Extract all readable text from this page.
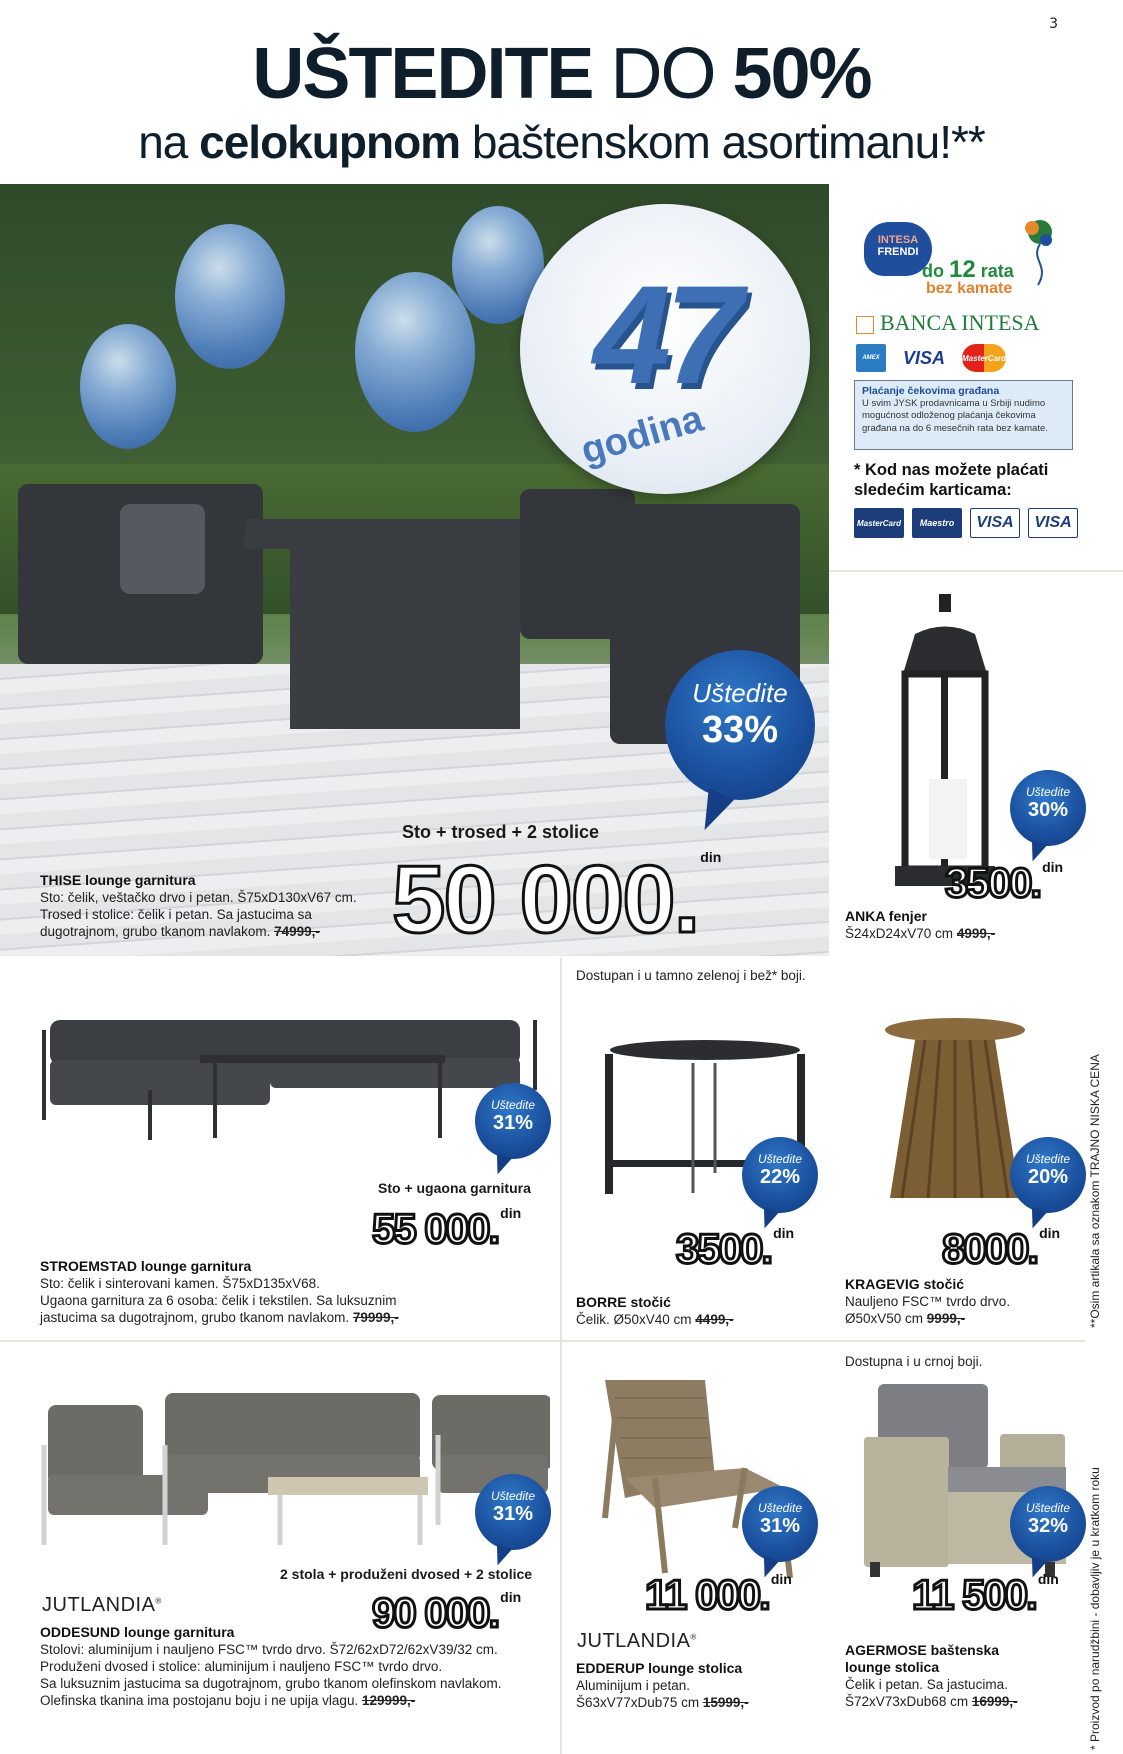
3
UŠTEDITE DO 50%
na celokupnom baštenskom asortimanu!**
47
godina
Uštedite
33%
Sto + trosed + 2 stolice
50 000. $^{din}$
THISE lounge garnitura
Sto: čelik, veštačko drvo i petan. Š75xD130xV67 cm.
Trosed i stolice: čelik i petan. Sa jastucima sa
dugotrajnom, grubo tkanom navlakom. 74999,-
INTESA
FRENDI
do 12 rata
bez kamate
BANCA INTESA
AMEX	VISA	MasterCard
Plaćanje čekovima građana
U svim JYSK prodavnicama u Srbiji nudimo mogućnost odloženog plaćanja čekovima građana na do 6 mesečnih rata bez kamate.
* Kod nas možete plaćati sledećim karticama:
MasterCard	Maestro	VISA	VISA
Uštedite
30%
3500. $^{din}$
ANKA fenjer
Š24xD24xV70 cm 4999,-
Uštedite
31%
Sto + ugaona garnitura
55 000. $^{din}$
STROEMSTAD lounge garnitura
Sto: čelik i sinterovani kamen. Š75xD135xV68.
Ugaona garnitura za 6 osoba: čelik i tekstilen. Sa luksuznim
jastucima sa dugotrajnom, grubo tkanom navlakom. 79999,-
Dostupan i u tamno zelenoj i bež* boji.
Uštedite
22%
3500. $^{din}$
BORRE stočić
Čelik. Ø50xV40 cm 4499,-
Uštedite
20%
8000. $^{din}$
KRAGEVIG stočić
Nauljeno FSC™ tvrdo drvo.
Ø50xV50 cm 9999,-
Uštedite
31%
2 stola + produženi dvosed + 2 stolice
90 000. $^{din}$
JUTLANDIA®
ODDESUND lounge garnitura
Stolovi: aluminijum i nauljeno FSC™ tvrdo drvo. Š72/62xD72/62xV39/32 cm.
Produženi dvosed i stolice: aluminijum i nauljeno FSC™ tvrdo drvo.
Sa luksuznim jastucima sa dugotrajnom, grubo tkanom olefinskom navlakom.
Olefinska tkanina ima postojanu boju i ne upija vlagu. 129999,-
Uštedite
31%
11 000. $^{din}$
JUTLANDIA®
EDDERUP lounge stolica
Aluminijum i petan.
Š63xV77xDub75 cm 15999,-
Dostupna i u crnoj boji.
Uštedite
32%
11 500. $^{din}$
AGERMOSE baštenska
lounge stolica
Čelik i petan. Sa jastucima.
Š72xV73xDub68 cm 16999,-
**Osim artikala sa oznakom TRAJNO NISKA CENA
* Proizvod po narudžbini - dobavljiv je u kratkom roku
